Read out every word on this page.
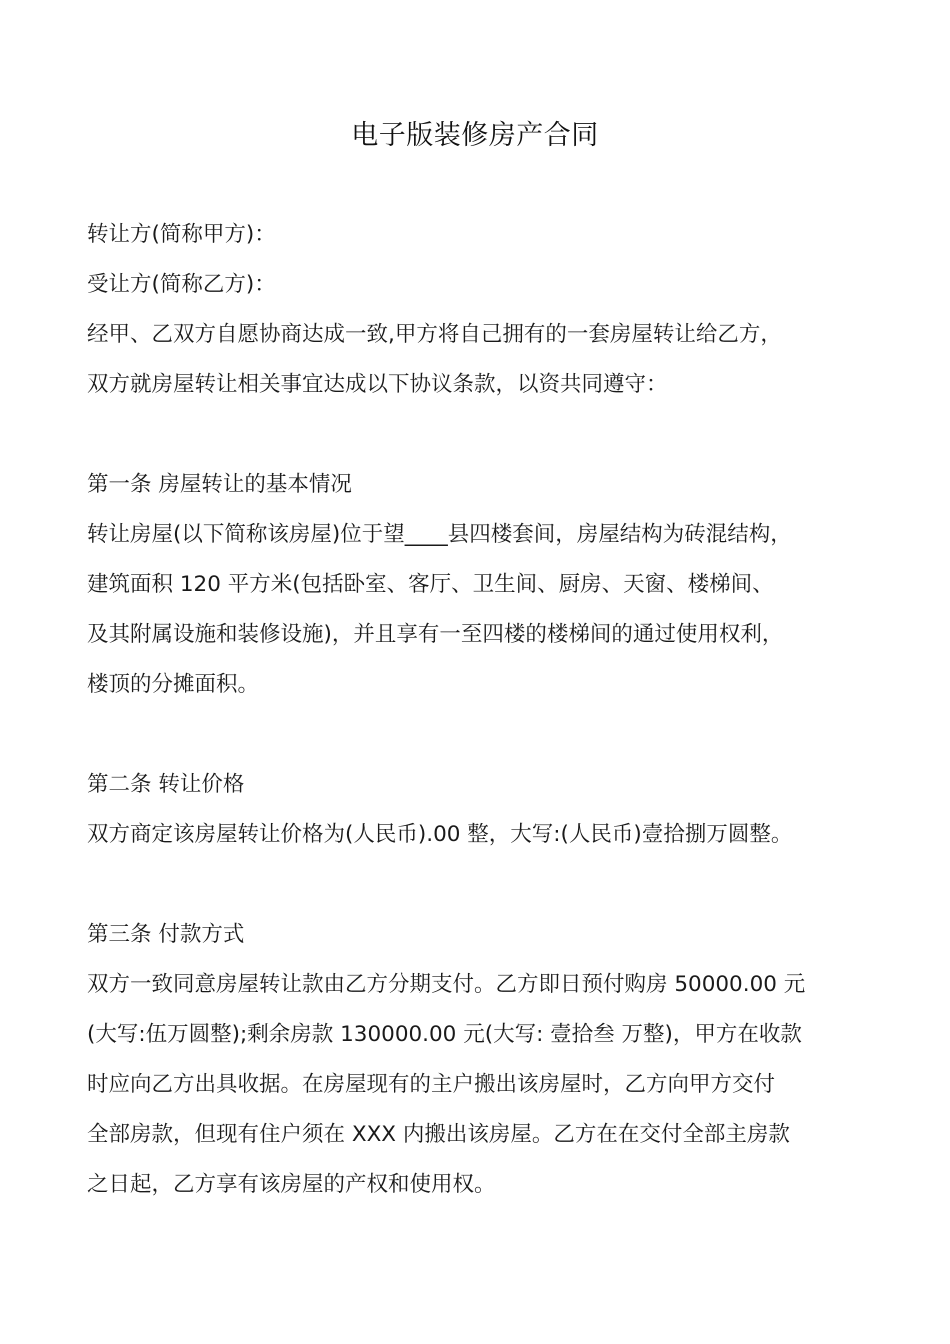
电子版装修房产合同

转让方(简称甲方)：

受让方(简称乙方)：

经甲、乙双方自愿协商达成一致,甲方将自己拥有的一套房屋转让给乙方，

双方就房屋转让相关事宜达成以下协议条款，以资共同遵守：

第一条 房屋转让的基本情况

转让房屋(以下简称该房屋)位于望____县四楼套间，房屋结构为砖混结构，

建筑面积 120 平方米(包括卧室、客厅、卫生间、厨房、天窗、楼梯间、

及其附属设施和装修设施)，并且享有一至四楼的楼梯间的通过使用权利，

楼顶的分摊面积。

第二条 转让价格

双方商定该房屋转让价格为(人民币).00 整，大写:(人民币)壹拾捌万圆整。

第三条 付款方式

双方一致同意房屋转让款由乙方分期支付。乙方即日预付购房 50000.00 元

(大写:伍万圆整);剩余房款 130000.00 元(大写: 壹拾叁 万整)，甲方在收款

时应向乙方出具收据。在房屋现有的主户搬出该房屋时，乙方向甲方交付

全部房款，但现有住户须在 XXX 内搬出该房屋。乙方在在交付全部主房款

之日起，乙方享有该房屋的产权和使用权。
